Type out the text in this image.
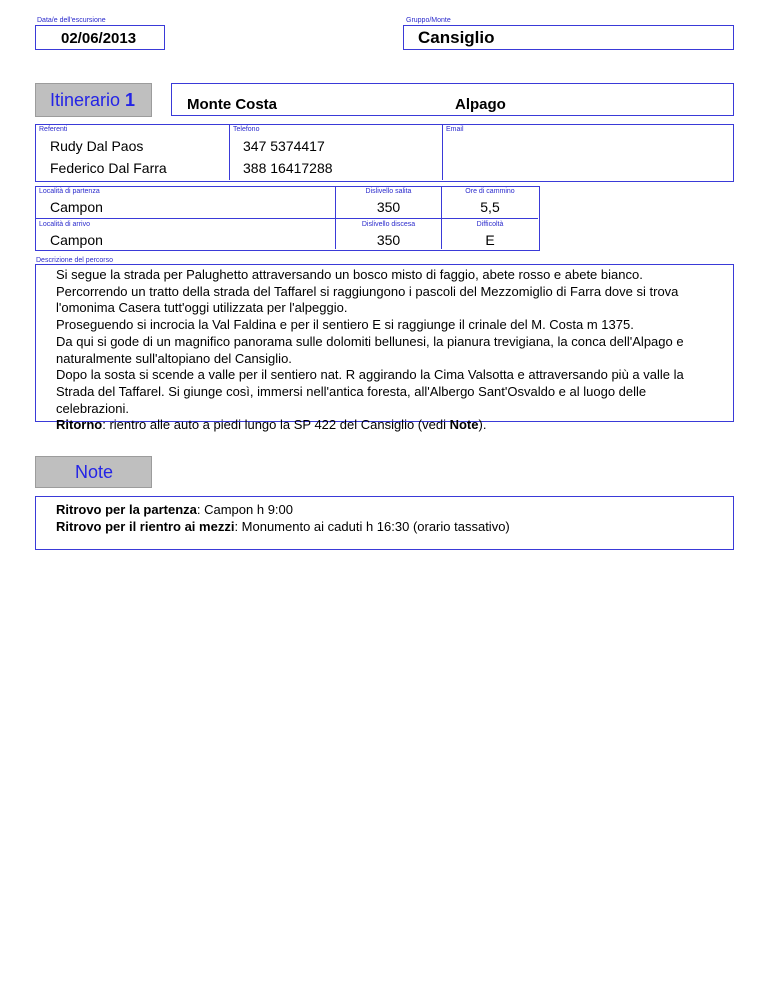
Data/e dell'escursione
02/06/2013
Gruppo/Monte
Cansiglio
Itinerario 1	Monte Costa	Alpago
Referenti	Telefono	Email
Rudy Dal Paos	347 5374417
Federico Dal Farra	388 16417288
Località di partenza	Dislivello salita	Ore di cammino
Campon	350	5,5
Località di arrivo	Dislivello discesa	Difficoltà
Campon	350	E
Descrizione del percorso

Si segue la strada per Palughetto attraversando un bosco misto di faggio, abete rosso e abete bianco.

Percorrendo un tratto della strada del Taffarel si raggiungono i pascoli del Mezzomiglio di Farra dove si trova

l'omonima Casera tutt'oggi utilizzata per l'alpeggio.

Proseguendo si incrocia la Val Faldina e per il sentiero E si raggiunge il crinale del M. Costa m 1375.

Da qui si gode di un magnifico panorama sulle dolomiti bellunesi, la pianura trevigiana, la conca dell'Alpago e

naturalmente sull'altopiano del Cansiglio.

Dopo la sosta si scende a valle per il sentiero nat. R aggirando la Cima Valsotta e attraversando più a valle la

Strada del Taffarel. Si giunge così, immersi nell'antica foresta, all'Albergo Sant'Osvaldo e al luogo delle

celebrazioni.

Ritorno: rientro alle auto a piedi lungo la SP 422 del Cansiglio (vedi Note).

Note

Ritrovo per la partenza: Campon h 9:00

Ritrovo per il rientro ai mezzi: Monumento ai caduti h 16:30 (orario tassativo)
